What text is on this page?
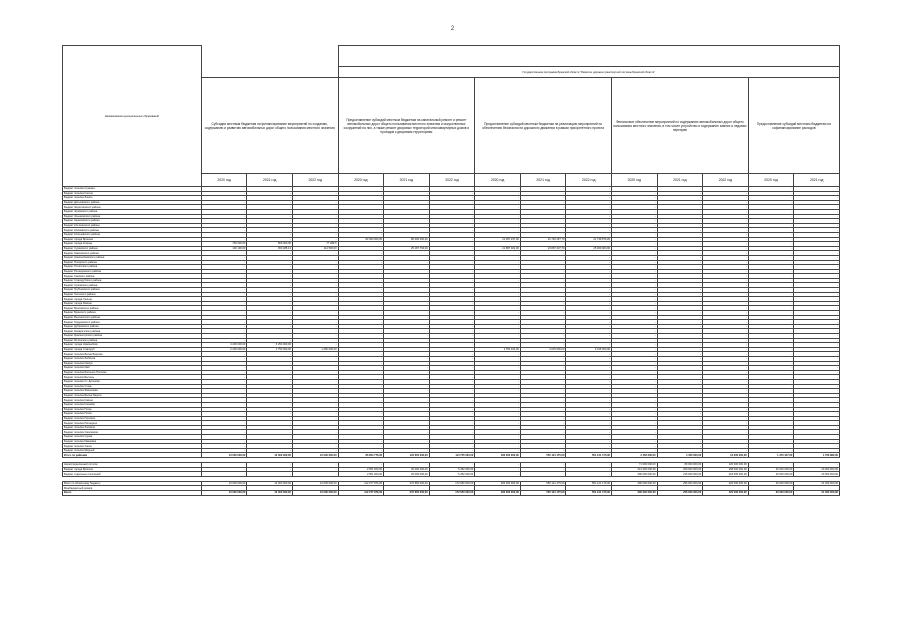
2
Наименование муниципальных образований														
				Государственная программа Брянской области "Развитие дорожно-транспортной системы Брянской области"										
	Субсидии местным бюджетам на финансирование мероприятий по созданию, содержанию и развитию автомобильных дорог общего пользования местного значения			Предоставление субсидий местным бюджетам на капитальный ремонт и ремонт автомобильных дорог общего пользования местного значения и искусственных сооружений на них, а также ремонт дворовых территорий многоквартирных домов и проездов к дворовым территориям			Предоставление субсидий местным бюджетам на реализацию мероприятий по обеспечению безопасности дорожного движения в рамках приоритетного проекта			Финансовое обеспечение мероприятий по содержанию автомобильных дорог общего пользования местного значения, в том числе устройство и содержание зимних и ледовых переправ			Предоставление субсидий местным бюджетам на софинансирование расходов	
	2020 год	2021 год	2022 год	2020 год	2021 год	2022 год	2020 год	2021 год	2022 год	2020 год	2021 год	2022 год	2020 год	2021 год
Бюджет поселка Суземка	-	-	-	-	-	-	-	-	-	-	-	-	-	-
Бюджет поселка Клетня	-	-	-	-	-	-	-	-	-	-	-	-	-	-
Бюджет поселка Локоть	-	-	-	-	-	-	-	-	-	-	-	-	-	-
Бюджет Дятьковского района	-	-	-	-	-	-	-	-	-	-	-	-	-	-
Бюджет Жирятинского района	-	-	-	-	-	-	-	-	-	-	-	-	-	-
Бюджет Жуковского района	-	-	-	-	-	-	-	-	-	-	-	-	-	-
Бюджет Злынковского района	-	-	-	-	-	-	-	-	-	-	-	-	-	-
Бюджет Карачевского района	-	-	-	-	-	-	-	-	-	-	-	-	-	-
Бюджет Клетнянского района	-	-	-	-	-	-	-	-	-	-	-	-	-	-
Бюджет Климовского района	-	-	-	-	-	-	-	-	-	-	-	-	-	-
Бюджет Клинцовского района	-	-	-	-	-	-	-	-	-	-	-	-	-	-
Бюджет города Брянска	-	-	-	82 000 000,00	80 000 000,00	-	21 097 237,00	21 740 257,70	21 739 876,20	-	-	-	-	-
Бюджет города Клинцы	750 000,00	869 000,00	77 489,5	-	-	-	-	-	-	-	-	-	-	-
Бюджет Суражского района	100 100,00	450 485,13	114 500,00	-	25 187 764,00	-	21 887 022,00	23 897 207,70	25 000 000,00	-	-	-	-	-
Бюджет Навлинского района	-	-	-	-	-	-	-	-	-	-	-	-	-	-
Бюджет Новозыбковского района	-	-	-	-	-	-	-	-	-	-	-	-	-	-
Бюджет Погарского района	-	-	-	-	-	-	-	-	-	-	-	-	-	-
Бюджет Почепского района	-	-	-	-	-	-	-	-	-	-	-	-	-	-
Бюджет Рогнединского района	-	-	-	-	-	-	-	-	-	-	-	-	-	-
Бюджет Севского района	-	-	-	-	-	-	-	-	-	-	-	-	-	-
Бюджет Стародубского района	-	-	-	-	-	-	-	-	-	-	-	-	-	-
Бюджет Суземского района	-	-	-	-	-	-	-	-	-	-	-	-	-	-
Бюджет Трубчевского района	-	-	-	-	-	-	-	-	-	-	-	-	-	-
Бюджет Унечского района	-	-	-	-	-	-	-	-	-	-	-	-	-	-
Бюджет города Сельцо	-	-	-	-	-	-	-	-	-	-	-	-	-	-
Бюджет города Фокино	-	-	-	-	-	-	-	-	-	-	-	-	-	-
Бюджет Брасовского района	-	-	-	-	-	-	-	-	-	-	-	-	-	-
Бюджет Брянского района	-	-	-	-	-	-	-	-	-	-	-	-	-	-
Бюджет Выгоничского района	-	-	-	-	-	-	-	-	-	-	-	-	-	-
Бюджет Гордеевского района	-	-	-	-	-	-	-	-	-	-	-	-	-	-
Бюджет Дубровского района	-	-	-	-	-	-	-	-	-	-	-	-	-	-
Бюджет Комаричского района	-	-	-	-	-	-	-	-	-	-	-	-	-	-
Бюджет Красногорского района	-	-	-	-	-	-	-	-	-	-	-	-	-	-
Бюджет Мглинского района	-	-	-	-	-	-	-	-	-	-	-	-	-	-
Бюджет города Новозыбков	4 200 000,00	6 250 000,00	-	-	-	-	-	-	-	-	-	-	-	-
Бюджет города Стародуб	2 200 000,00	1 750 000,00	1 250 000,00	-	-	-	2 750 100,00	3 015 000,00	3 015 000,00	-	-	-	-	-
Бюджет поселка Белая Березка	-	-	-	-	-	-	-	-	-	-	-	-	-	-
Бюджет поселка Любохна	-	-	-	-	-	-	-	-	-	-	-	-	-	-
Бюджет поселка Navlya	-	-	-	-	-	-	-	-	-	-	-	-	-	-
Бюджет поселка Ивот	-	-	-	-	-	-	-	-	-	-	-	-	-	-
Бюджет поселка Большое Полпино	-	-	-	-	-	-	-	-	-	-	-	-	-	-
Бюджет поселка Бытошь	-	-	-	-	-	-	-	-	-	-	-	-	-	-
Бюджет поселка Ст. Дятьково	-	-	-	-	-	-	-	-	-	-	-	-	-	-
Бюджет поселка Старь	-	-	-	-	-	-	-	-	-	-	-	-	-	-
Бюджет поселка Фаянсовая	-	-	-	-	-	-	-	-	-	-	-	-	-	-
Бюджет поселка Белые Берега	-	-	-	-	-	-	-	-	-	-	-	-	-	-
Бюджет поселка Кокино	-	-	-	-	-	-	-	-	-	-	-	-	-	-
Бюджет поселка Климово	-	-	-	-	-	-	-	-	-	-	-	-	-	-
Бюджет поселка Погар	-	-	-	-	-	-	-	-	-	-	-	-	-	-
Бюджет поселка Почеп	-	-	-	-	-	-	-	-	-	-	-	-	-	-
Бюджет поселка Пушкино	-	-	-	-	-	-	-	-	-	-	-	-	-	-
Бюджет поселка Рогнедино	-	-	-	-	-	-	-	-	-	-	-	-	-	-
Бюджет поселка Холмечи	-	-	-	-	-	-	-	-	-	-	-	-	-	-
Бюджет поселка Смолевичи	-	-	-	-	-	-	-	-	-	-	-	-	-	-
Бюджет поселка Сураж	-	-	-	-	-	-	-	-	-	-	-	-	-	-
Бюджет поселка Ивановка	-	-	-	-	-	-	-	-	-	-	-	-	-	-
Бюджет поселка Унеча	-	-	-	-	-	-	-	-	-	-	-	-	-	-
Бюджет поселка Мирный	-	-	-	-	-	-	-	-	-	-	-	-	-	-
Итого по районам	10 000 000,00	12 000 000,00	12 000 000,00	86 854 776,00	123 650 000,00	113 755 000,00	482 000 000,00	550 121 175,00	551 121 175,00	3 456 000,00	4 450 000,00	12 000 000,00	1 370 447,00	1 763 882,00

Нераспределенный остаток	-	-	-	-	-	-	-	-	-	71 000 000,00	80 000 000,00	120 000 000,00	-	-
Бюджет города Брянска	-	-	-	2 651 000,00	26 000 000,00	5 452 000,00	-	-	-	213 300 000,00	209 000 000,00	268 000 000,00	20 000 000,00	20 000 000,00
Бюджет отдельных поселений	-	-	-	2 651 000,00	26 000 000,00	5 452 000,00	-	-	-	390 000 000,00	216 000 000,00	418 000 000,00	20 000 000,00	20 000 000,00

Всего по областному бюджету	10 000 000,00	12 000 000,00	12 000 000,00	112 277 876,00	272 650 000,00	172 650 000,00	482 000 000,00	550 121 175,00	551 121 175,00	390 000 000,00	256 000 000,00	425 000 000,00	20 000 000,00	21 000 000,00
Межбюджетный резерв														
Всего	10 000 000,00	12 000 000,00	12 000 000,00	112 277 876,00	272 650 000,00	172 650 000,00	482 000 000,00	550 121 175,00	551 121 175,00	390 000 000,00	256 000 000,00	425 000 000,00	20 000 000,00	21 000 000,00
